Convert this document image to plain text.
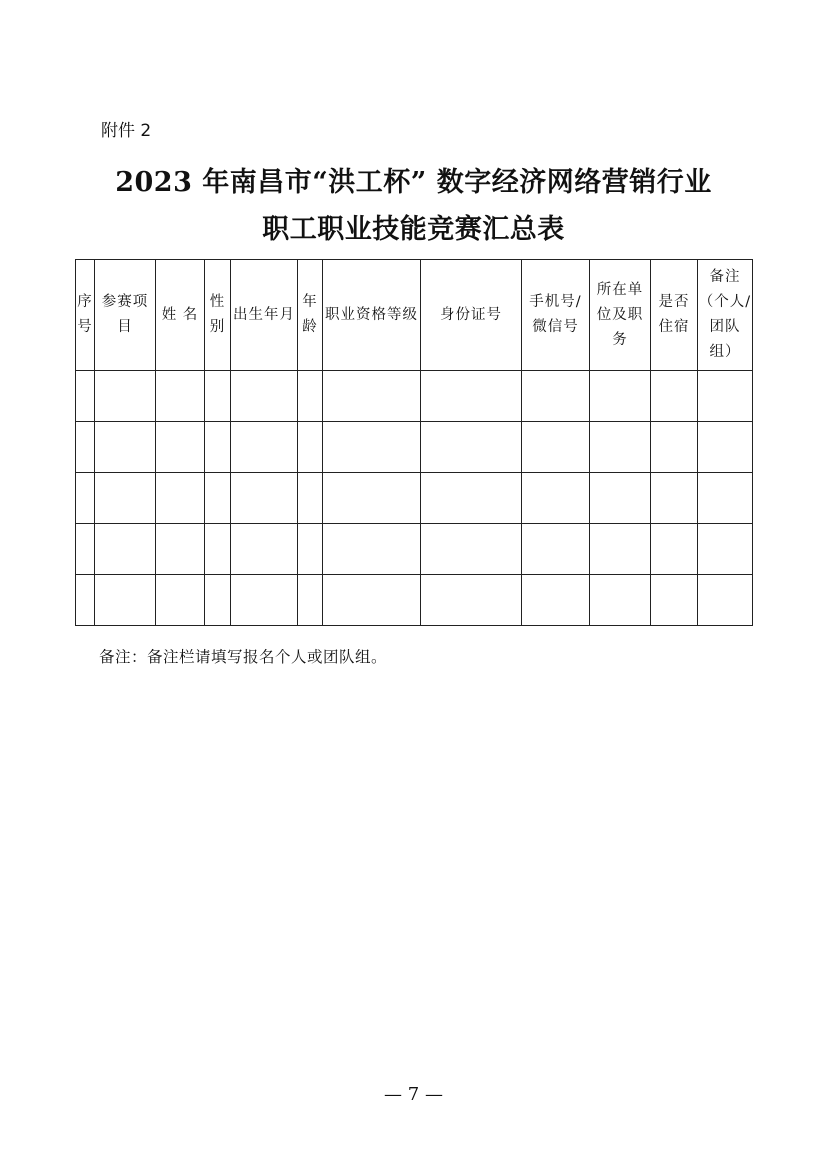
附件 2
2023 年南昌市“洪工杯” 数字经济网络营销行业
职工职业技能竞赛汇总表
序号	参赛项目	姓 名	性别	出生年月	年龄	职业资格等级	身份证号	手机号/微信号	所在单位及职务	是否住宿	备注（个人/团队组）

备注：备注栏请填写报名个人或团队组。
— 7 —
